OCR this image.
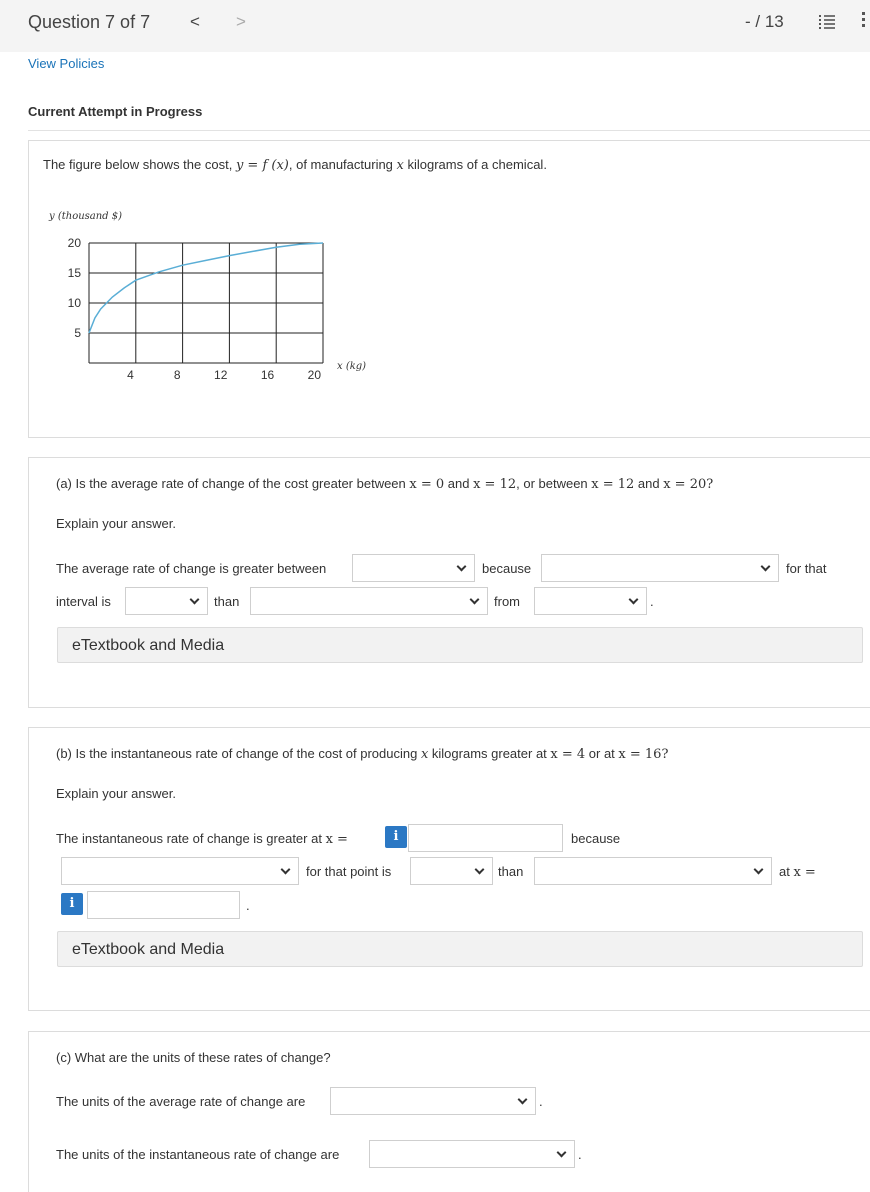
Question 7 of 7 < >	- / 13
View Policies
Current Attempt in Progress
The figure below shows the cost, y = f (x), of manufacturing x kilograms of a chemical.
y (thousand $)
20
15
10
5
4	8	12	16	20
x (kg)
(a) Is the average rate of change of the cost greater between x = 0 and x = 12, or between x = 12 and x = 20?
Explain your answer.
The average rate of change is greater between	because	for that
interval is	than	from	.
eTextbook and Media
(b) Is the instantaneous rate of change of the cost of producing x kilograms greater at x = 4 or at x = 16?
Explain your answer.
The instantaneous rate of change is greater at x =	i	because
for that point is	than	at x =
i	.
eTextbook and Media
(c) What are the units of these rates of change?
The units of the average rate of change are	.
The units of the instantaneous rate of change are	.
